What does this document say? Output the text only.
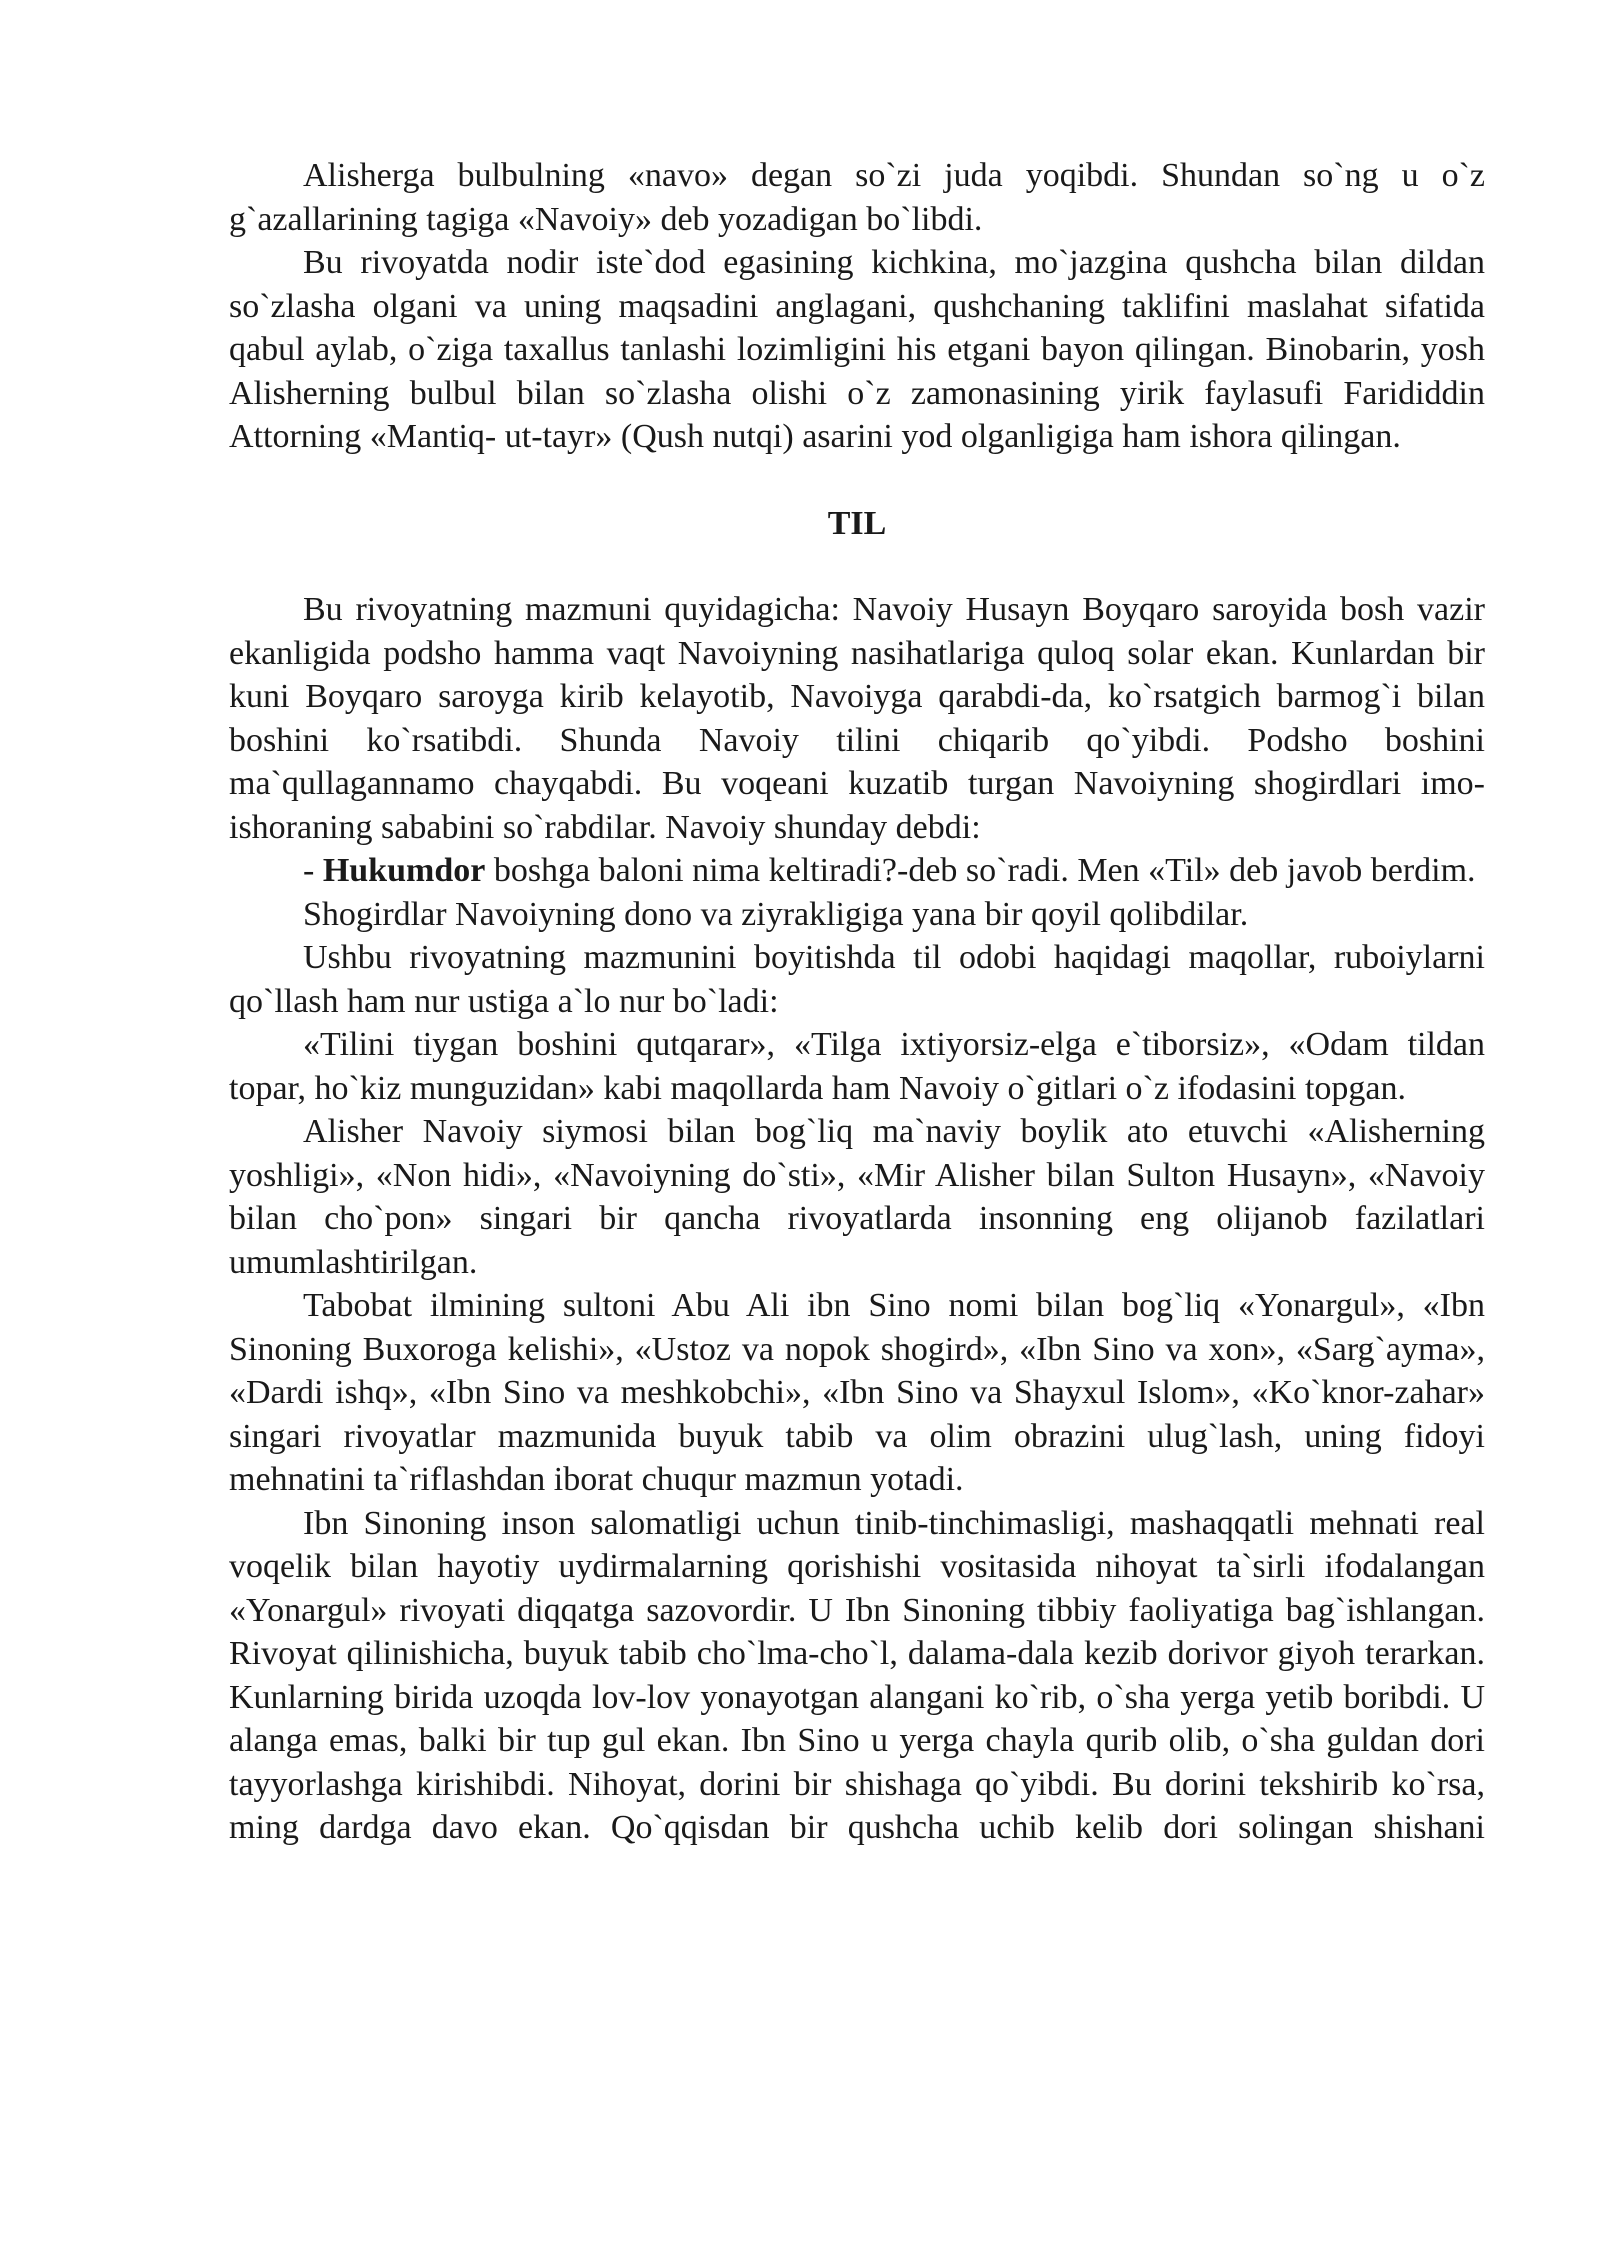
Alisherga bulbulning «navo» degan so`zi juda yoqibdi. Shundan so`ng u o`z g`azallarining tagiga «Navoiy» deb yozadigan bo`libdi.

Bu rivoyatda nodir iste`dod egasining kichkina, mo`jazgina qushcha bilan dildan so`zlasha olgani va uning maqsadini anglagani, qushchaning taklifini maslahat sifatida qabul aylab, o`ziga taxallus tanlashi lozimligini his etgani bayon qilingan. Binobarin, yosh Alisherning bulbul bilan so`zlasha olishi o`z zamonasining yirik faylasufi Farididdin Attorning «Mantiq- ut-tayr» (Qush nutqi) asarini yod olganligiga ham ishora qilingan.

TIL

Bu rivoyatning mazmuni quyidagicha: Navoiy Husayn Boyqaro saroyida bosh vazir ekanligida podsho hamma vaqt Navoiyning nasihatlariga quloq solar ekan. Kunlardan bir kuni Boyqaro saroyga kirib kelayotib, Navoiyga qarabdi-da, ko`rsatgich barmog`i bilan boshini ko`rsatibdi. Shunda Navoiy tilini chiqarib qo`yibdi. Podsho boshini ma`qullagannamo chayqabdi. Bu voqeani kuzatib turgan Navoiyning shogirdlari imo-ishoraning sababini so`rabdilar. Navoiy shunday debdi:

- Hukumdor boshga baloni nima keltiradi?-deb so`radi. Men «Til» deb javob berdim.

Shogirdlar Navoiyning dono va ziyrakligiga yana bir qoyil qolibdilar.

Ushbu rivoyatning mazmunini boyitishda til odobi haqidagi maqollar, ruboiylarni qo`llash ham nur ustiga a`lo nur bo`ladi:

«Tilini tiygan boshini qutqarar», «Tilga ixtiyorsiz-elga e`tiborsiz», «Odam tildan topar, ho`kiz munguzidan» kabi maqollarda ham Navoiy o`gitlari o`z ifodasini topgan.

Alisher Navoiy siymosi bilan bog`liq ma`naviy boylik ato etuvchi «Alisherning yoshligi», «Non hidi», «Navoiyning do`sti», «Mir Alisher bilan Sulton Husayn», «Navoiy bilan cho`pon» singari bir qancha rivoyatlarda insonning eng olijanob fazilatlari umumlashtirilgan.

Tabobat ilmining sultoni Abu Ali ibn Sino nomi bilan bog`liq «Yonargul», «Ibn Sinoning Buxoroga kelishi», «Ustoz va nopok shogird», «Ibn Sino va xon», «Sarg`ayma», «Dardi ishq», «Ibn Sino va meshkobchi», «Ibn Sino va Shayxul Islom», «Ko`knor-zahar» singari rivoyatlar mazmunida buyuk tabib va olim obrazini ulug`lash, uning fidoyi mehnatini ta`riflashdan iborat chuqur mazmun yotadi.

Ibn Sinoning inson salomatligi uchun tinib-tinchimasligi, mashaqqatli mehnati real voqelik bilan hayotiy uydirmalarning qorishishi vositasida nihoyat ta`sirli ifodalangan «Yonargul» rivoyati diqqatga sazovordir. U Ibn Sinoning tibbiy faoliyatiga bag`ishlangan. Rivoyat qilinishicha, buyuk tabib cho`lma-cho`l, dalama-dala kezib dorivor giyoh terarkan. Kunlarning birida uzoqda lov-lov yonayotgan alangani ko`rib, o`sha yerga yetib boribdi. U alanga emas, balki bir tup gul ekan. Ibn Sino u yerga chayla qurib olib, o`sha guldan dori tayyorlashga kirishibdi. Nihoyat, dorini bir shishaga qo`yibdi. Bu dorini tekshirib ko`rsa, ming dardga davo ekan. Qo`qqisdan bir qushcha uchib kelib dori solingan shishani
